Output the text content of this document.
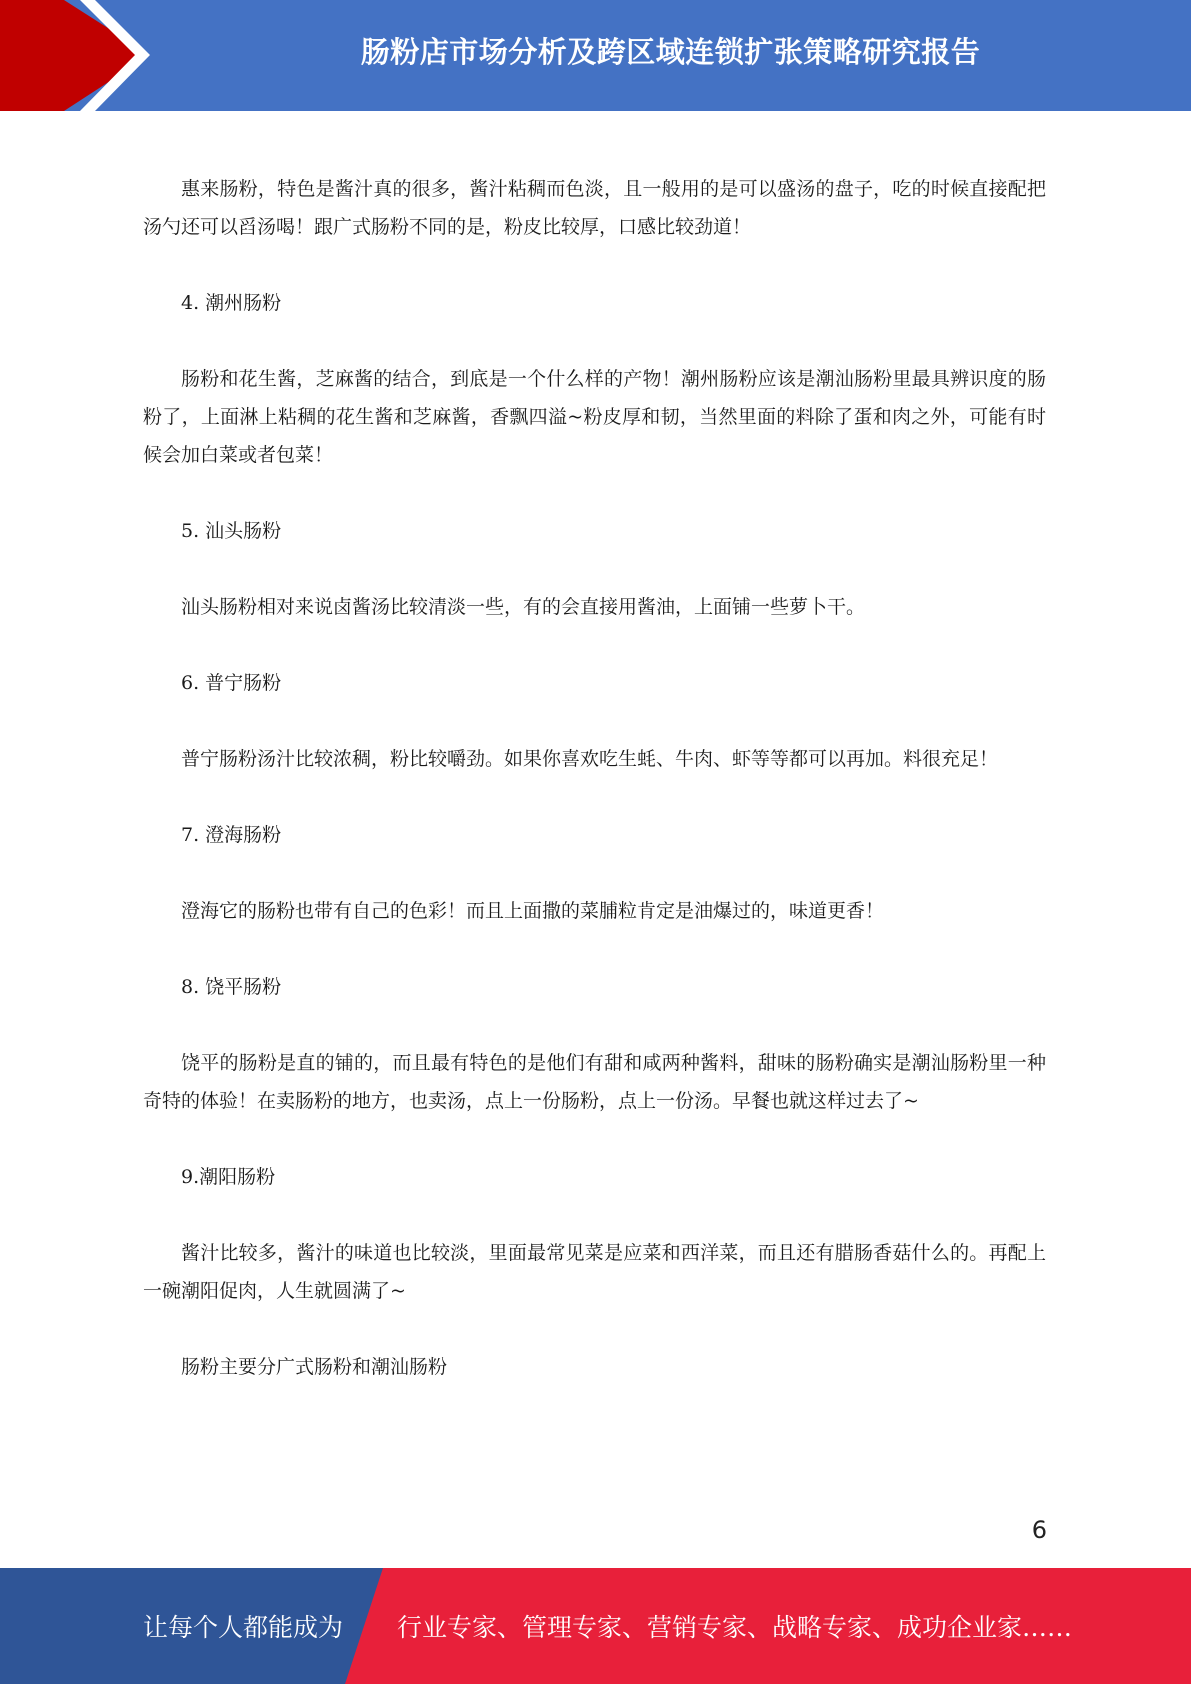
肠粉店市场分析及跨区域连锁扩张策略研究报告

惠来肠粉，特色是酱汁真的很多，酱汁粘稠而色淡，且一般用的是可以盛汤的盘子，吃的时候直接配把汤勺还可以舀汤喝！跟广式肠粉不同的是，粉皮比较厚，口感比较劲道！

4. 潮州肠粉

肠粉和花生酱，芝麻酱的结合，到底是一个什么样的产物！潮州肠粉应该是潮汕肠粉里最具辨识度的肠粉了，上面淋上粘稠的花生酱和芝麻酱，香飘四溢~粉皮厚和韧，当然里面的料除了蛋和肉之外，可能有时候会加白菜或者包菜！

5. 汕头肠粉

汕头肠粉相对来说卤酱汤比较清淡一些，有的会直接用酱油，上面铺一些萝卜干。

6. 普宁肠粉

普宁肠粉汤汁比较浓稠，粉比较嚼劲。如果你喜欢吃生蚝、牛肉、虾等等都可以再加。料很充足！

7. 澄海肠粉

澄海它的肠粉也带有自己的色彩！而且上面撒的菜脯粒肯定是油爆过的，味道更香！

8. 饶平肠粉

饶平的肠粉是直的铺的，而且最有特色的是他们有甜和咸两种酱料，甜味的肠粉确实是潮汕肠粉里一种奇特的体验！在卖肠粉的地方，也卖汤，点上一份肠粉，点上一份汤。早餐也就这样过去了~

9.潮阳肠粉

酱汁比较多，酱汁的味道也比较淡，里面最常见菜是应菜和西洋菜，而且还有腊肠香菇什么的。再配上一碗潮阳促肉，人生就圆满了~

肠粉主要分广式肠粉和潮汕肠粉

6
让每个人都能成为 行业专家、管理专家、营销专家、战略专家、成功企业家……
